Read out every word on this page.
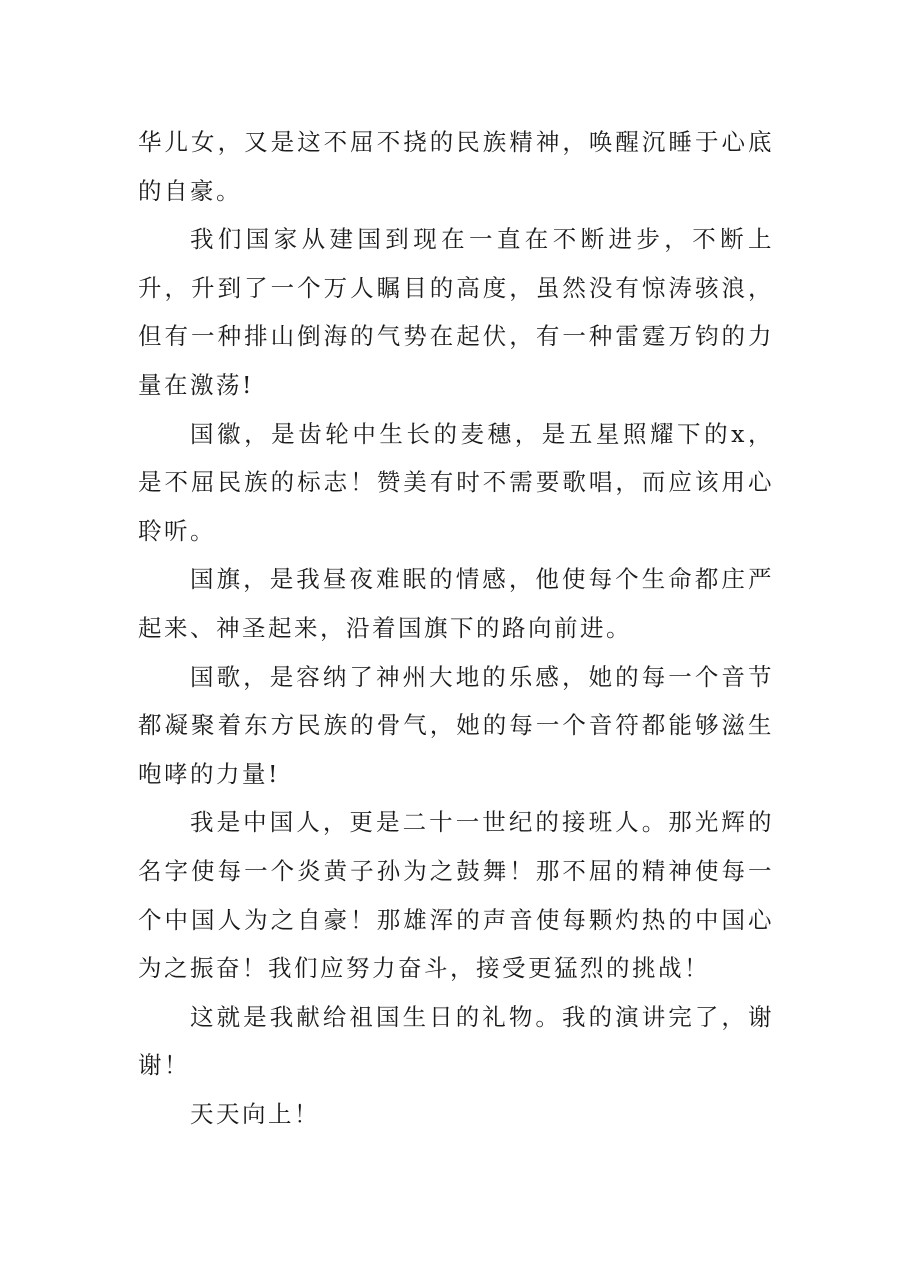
华儿女，又是这不屈不挠的民族精神，唤醒沉睡于心底的自豪。

我们国家从建国到现在一直在不断进步，不断上升，升到了一个万人瞩目的高度，虽然没有惊涛骇浪，但有一种排山倒海的气势在起伏，有一种雷霆万钧的力量在激荡!

国徽，是齿轮中生长的麦穗，是五星照耀下的x，是不屈民族的标志！赞美有时不需要歌唱，而应该用心聆听。

国旗，是我昼夜难眠的情感，他使每个生命都庄严起来、神圣起来，沿着国旗下的路向前进。

国歌，是容纳了神州大地的乐感，她的每一个音节都凝聚着东方民族的骨气，她的每一个音符都能够滋生咆哮的力量!

我是中国人，更是二十一世纪的接班人。那光辉的名字使每一个炎黄子孙为之鼓舞！那不屈的精神使每一个中国人为之自豪！那雄浑的声音使每颗灼热的中国心为之振奋！我们应努力奋斗，接受更猛烈的挑战！

这就是我献给祖国生日的礼物。我的演讲完了，谢谢！

天天向上！
